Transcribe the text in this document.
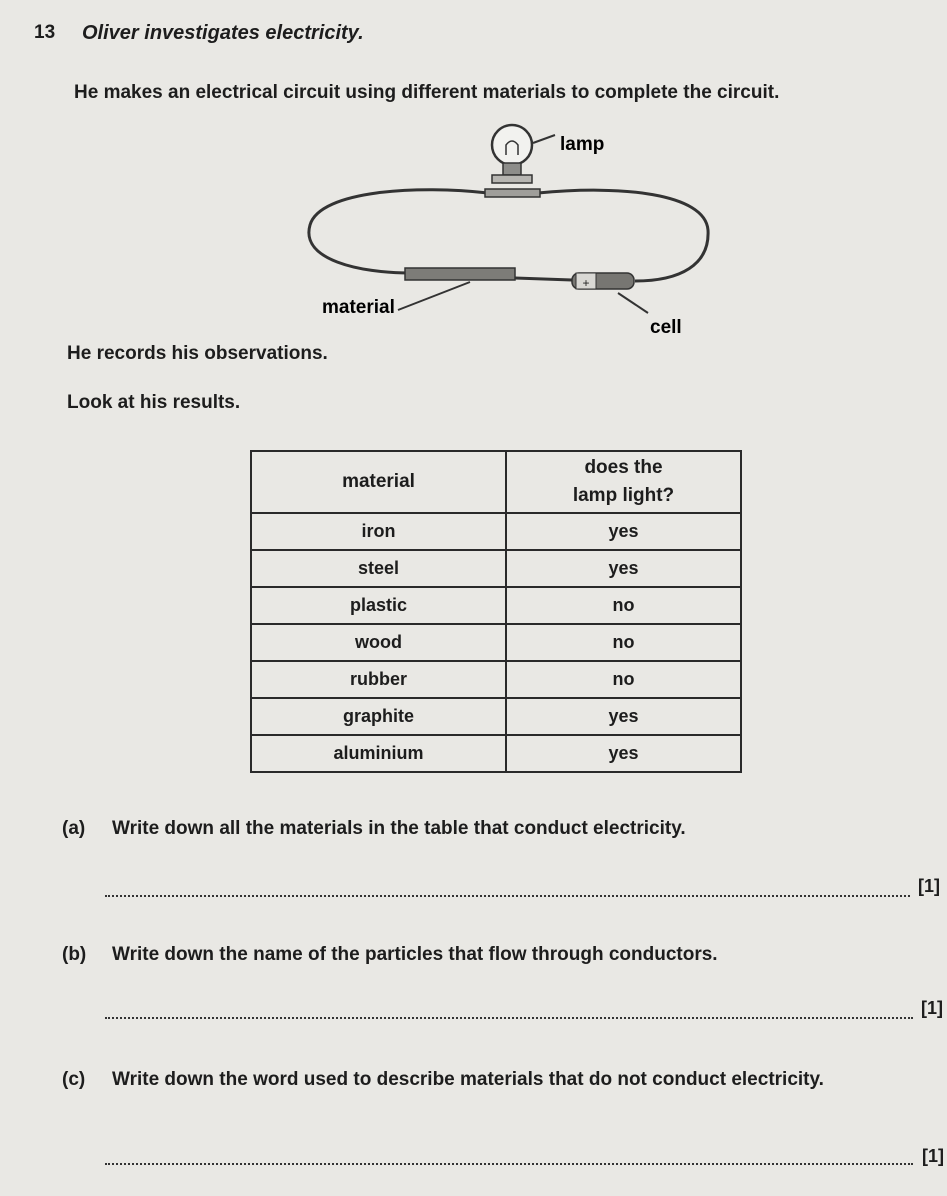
13 Oliver investigates electricity.
He makes an electrical circuit using different materials to complete the circuit.
+
lamp
material
cell
He records his observations.
Look at his results.
material	does the
lamp light?
iron	yes
steel	yes
plastic	no
wood	no
rubber	no
graphite	yes
aluminium	yes
(a) Write down all the materials in the table that conduct electricity.
[1]
(b) Write down the name of the particles that flow through conductors.
[1]
(c) Write down the word used to describe materials that do not conduct electricity.
[1]
